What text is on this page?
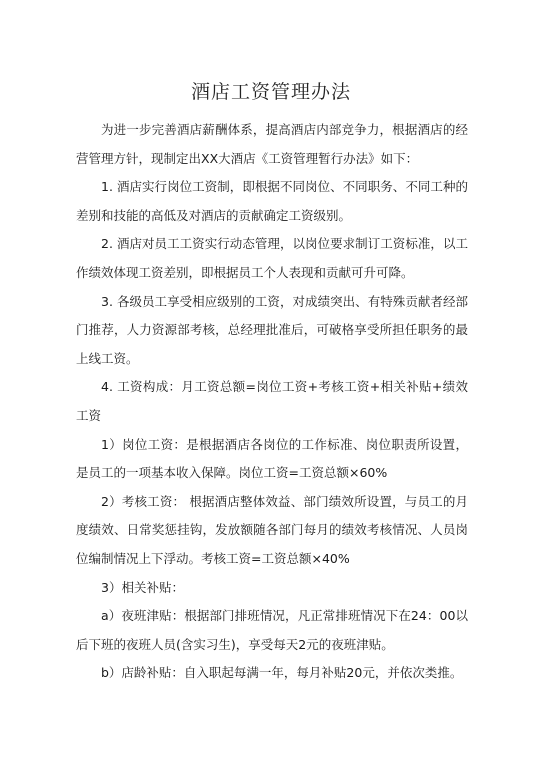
酒店工资管理办法

为进一步完善酒店薪酬体系，提高酒店内部竞争力，根据酒店的经营管理方针，现制定出XX大酒店《工资管理暂行办法》如下：

1. 酒店实行岗位工资制，即根据不同岗位、不同职务、不同工种的差别和技能的高低及对酒店的贡献确定工资级别。

2. 酒店对员工工资实行动态管理，以岗位要求制订工资标准，以工作绩效体现工资差别，即根据员工个人表现和贡献可升可降。

3. 各级员工享受相应级别的工资，对成绩突出、有特殊贡献者经部门推荐，人力资源部考核，总经理批准后，可破格享受所担任职务的最上线工资。

4. 工资构成：月工资总额=岗位工资+考核工资+相关补贴+绩效工资

1）岗位工资：是根据酒店各岗位的工作标准、岗位职责所设置，是员工的一项基本收入保障。岗位工资=工资总额×60%

2）考核工资： 根据酒店整体效益、部门绩效所设置，与员工的月度绩效、日常奖惩挂钩，发放额随各部门每月的绩效考核情况、人员岗位编制情况上下浮动。考核工资=工资总额×40%

3）相关补贴：

a）夜班津贴：根据部门排班情况，凡正常排班情况下在24：00以后下班的夜班人员(含实习生)，享受每天2元的夜班津贴。

b）店龄补贴：自入职起每满一年，每月补贴20元，并依次类推。
